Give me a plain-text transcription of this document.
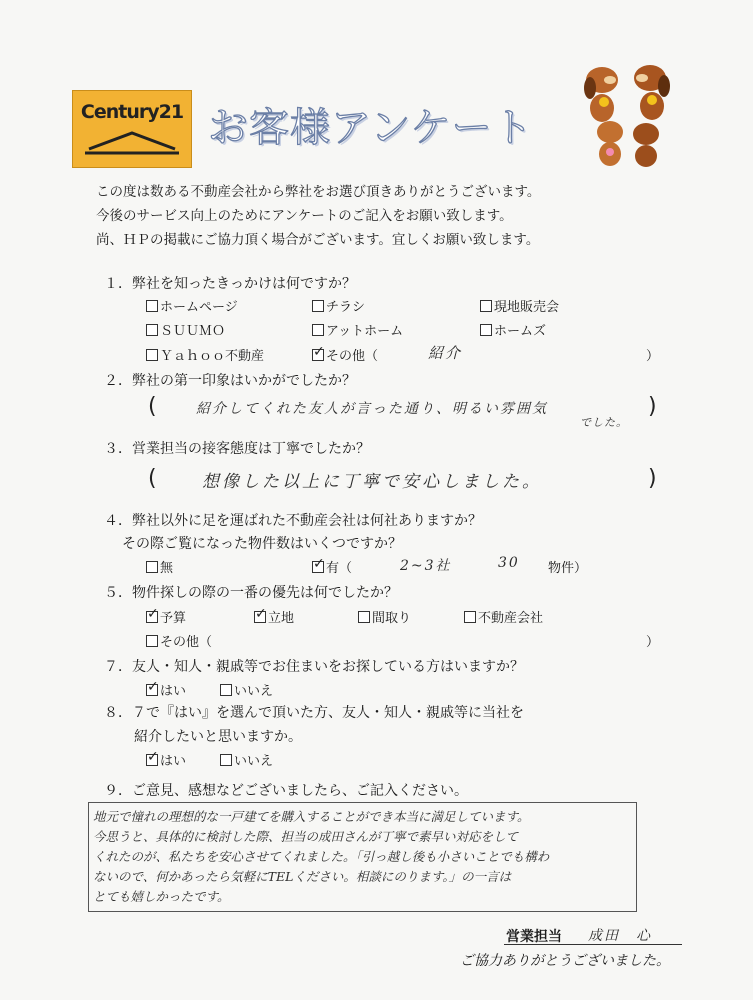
Century21 お客様アンケート
この度は数ある不動産会社から弊社をお選び頂きありがとうございます。
今後のサービス向上のためにアンケートのご記入をお願い致します。
尚、ＨＰの掲載にご協力頂く場合がございます。宜しくお願い致します。
１．弊社を知ったきっかけは何ですか？
ホームページ	チラシ	現地販売会
ＳＵＵＭＯ	アットホーム	ホームズ
Ｙａｈｏｏ不動産 ✓	その他（	紹介	）
２．弊社の第一印象はいかがでしたか？
(	紹介してくれた友人が言った通り、明るい雰囲気
でした。
)
３．営業担当の接客態度は丁寧でしたか？
(	想像した以上に丁寧で安心しました。	)
４．弊社以外に足を運ばれた不動産会社は何社ありますか？
その際ご覧になった物件数はいくつですか？
無 ✓	有（	2~3社	30 物件）
５．物件探しの際の一番の優先は何でしたか？
✓予算 ✓	立地	間取り	不動産会社
その他（	）
７．友人・知人・親戚等でお住まいをお探している方はいますか？
✓はい	いいえ
８．７で『はい』を選んで頂いた方、友人・知人・親戚等に当社を
紹介したいと思いますか。
✓はい	いいえ
９．ご意見、感想などございましたら、ご記入ください。
地元で憧れの理想的な一戸建てを購入することができ本当に満足しています。
今思うと、具体的に検討した際、担当の成田さんが丁寧で素早い対応をして
くれたのが、私たちを安心させてくれました。「引っ越し後も小さいことでも構わ
ないので、何かあったら気軽にTELください。相談にのります。」の一言は
とても嬉しかったです。
営業担当 成田　心
ご協力ありがとうございました。
